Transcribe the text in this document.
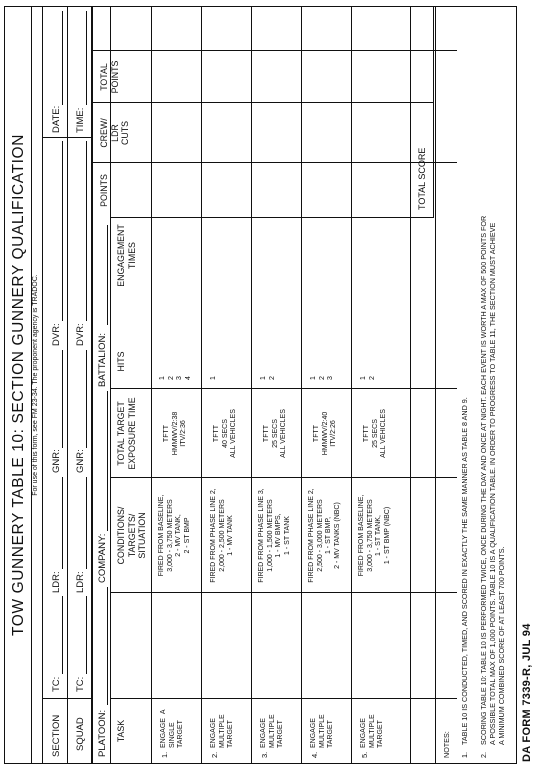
TOW GUNNERY TABLE 10: SECTION GUNNERY QUALIFICATION For use of this form, see FM 23-34. The proponent agency is TRADOC.
SECTION
TC:
LDR:
GNR:
DVR:
DATE:
SQUAD
TC:
LDR:
GNR:
DVR:
TIME:
PLATOON:
COMPANY:
BATTALION:
TASK
CONDITIONS/ TARGETS/ SITUATION
TOTAL TARGET EXPOSURE TIME
HITS
ENGAGEMENT TIMES
POINTS
CREW/ LDR CUTS
TOTAL POINTS
TOTAL SCORE
1.
ENGAGE  A
SINGLE TARGET
FIRED FROM BASELINE, 3,000 - 3,750 METERS 2 - MV TANK, 2 - ST BMP
TFTT HMMWV/2:38 ITV/2:36
1 2 3 4
2.
ENGAGE MULTIPLE TARGET
FIRED FROM PHASE LINE 2, 2,000 - 2,500 METERS 1 - MV TANK
TFTT 40 SECS ALL VEHICLES
1
3.
ENGAGE MULTIPLE TARGET
FIRED FROM PHASE LINE 3, 1,000 - 1,500 METERS 1 - MV BMPS, 1 - ST TANK
TFTT 25 SECS ALL VEHICLES
1 2
4.
ENGAGE MULTIPLE TARGET
FIRED FROM PHASE LINE 2, 2,500 - 3,000 METERS 1 - ST BMP, 2 - MV TANKS (NBC)
TFTT HMMWV/2:40 ITV/2:26
1 2 3
5.
ENGAGE MULTIPLE TARGET
FIRED FROM BASELINE, 3,000 - 3,750 METERS 1 - ST TANK, 1 - ST BMP (NBC)
TFTT 25 SECS ALL VEHICLES
1 2
NOTES: 1.
TABLE 10 IS CONDUCTED, TIMED, AND SCORED IN EXACTLY THE SAME MANNER AS TABLE 8 AND 9.
2.
SCORING TABLE 10: TABLE 10 IS PERFORMED TWICE, ONCE DURING THE DAY AND ONCE AT NIGHT. EACH EVENT IS WORTH A MAX OF 500 POINTS FOR A POSSIBLE TOTAL MAX OF 1,000 POINTS. TABLE 10 IS A QUALIFICATION TABLE. IN ORDER TO PROGRESS TO TABLE 11, THE SECTION MUST ACHIEVE A MINIMUM COMBINED SCORE OF AT LEAST 700 POINTS. DA FORM 7339-R, JUL 94
